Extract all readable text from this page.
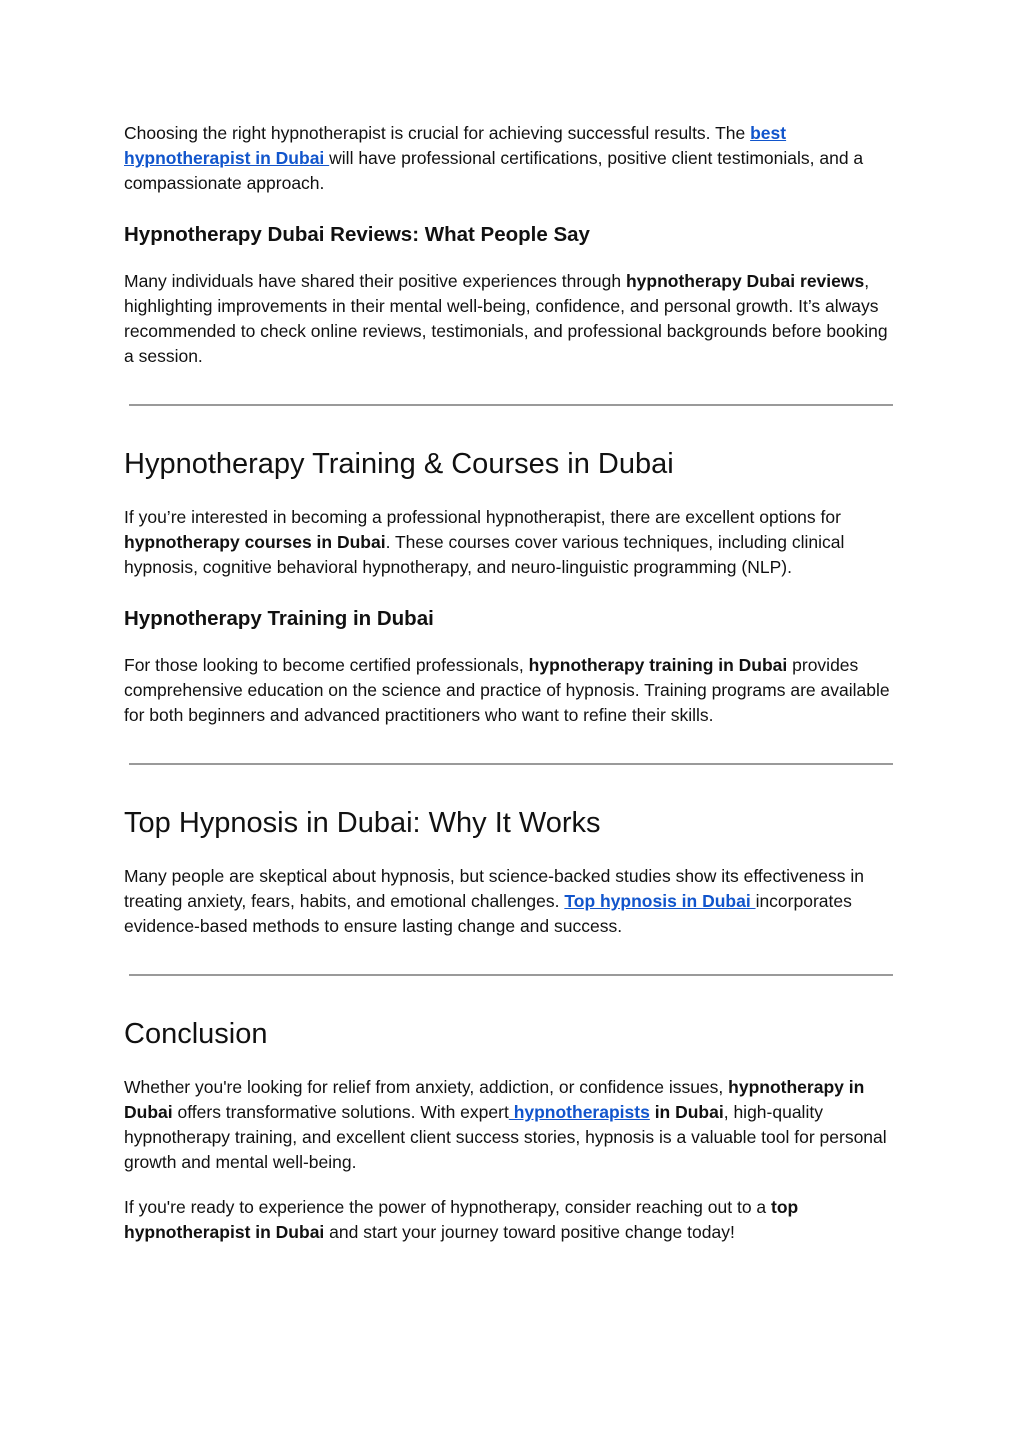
Choosing the right hypnotherapist is crucial for achieving successful results. The best hypnotherapist in Dubai will have professional certifications, positive client testimonials, and a compassionate approach.

Hypnotherapy Dubai Reviews: What People Say

Many individuals have shared their positive experiences through hypnotherapy Dubai reviews, highlighting improvements in their mental well-being, confidence, and personal growth. It’s always recommended to check online reviews, testimonials, and professional backgrounds before booking a session.

Hypnotherapy Training & Courses in Dubai

If you’re interested in becoming a professional hypnotherapist, there are excellent options for hypnotherapy courses in Dubai. These courses cover various techniques, including clinical hypnosis, cognitive behavioral hypnotherapy, and neuro-linguistic programming (NLP).

Hypnotherapy Training in Dubai

For those looking to become certified professionals, hypnotherapy training in Dubai provides comprehensive education on the science and practice of hypnosis. Training programs are available for both beginners and advanced practitioners who want to refine their skills.

Top Hypnosis in Dubai: Why It Works

Many people are skeptical about hypnosis, but science-backed studies show its effectiveness in treating anxiety, fears, habits, and emotional challenges. Top hypnosis in Dubai incorporates evidence-based methods to ensure lasting change and success.

Conclusion

Whether you're looking for relief from anxiety, addiction, or confidence issues, hypnotherapy in Dubai offers transformative solutions. With expert hypnotherapists in Dubai, high-quality hypnotherapy training, and excellent client success stories, hypnosis is a valuable tool for personal growth and mental well-being.

If you're ready to experience the power of hypnotherapy, consider reaching out to a top hypnotherapist in Dubai and start your journey toward positive change today!
